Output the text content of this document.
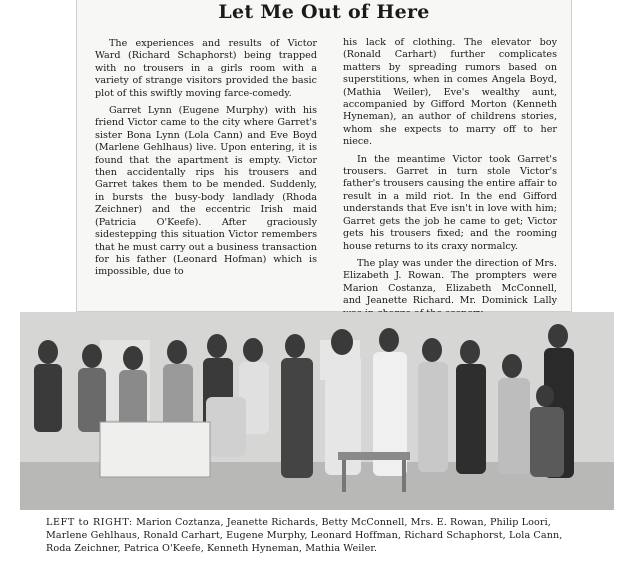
Let Me Out of Here

The experiences and results of Victor Ward (Richard Schaphorst) being trapped with no trousers in a girls room with a variety of strange visitors provided the basic plot of this swiftly moving farce-comedy.

Garret Lynn (Eugene Murphy) with his friend Victor came to the city where Garret's sister Bona Lynn (Lola Cann) and Eve Boyd (Marlene Gehlhaus) live. Upon entering, it is found that the apartment is empty. Victor then accidentally rips his trousers and Garret takes them to be mended. Suddenly, in bursts the busy-body landlady (Rhoda Zeichner) and the eccentric Irish maid (Patricia O'Keefe). After graciously sidestepping this situation Victor remembers that he must carry out a business transaction for his father (Leonard Hofman) which is impossible, due to

his lack of clothing. The elevator boy (Ronald Carhart) further complicates matters by spreading rumors based on superstitions, when in comes Angela Boyd, (Mathia Weiler), Eve's wealthy aunt, accompanied by Gifford Morton (Kenneth Hyneman), an author of childrens stories, whom she expects to marry off to her niece.

In the meantime Victor took Garret's trousers. Garret in turn stole Victor's father's trousers causing the entire affair to result in a mild riot. In the end Gifford understands that Eve isn't in love with him; Garret gets the job he came to get; Victor gets his trousers fixed; and the rooming house returns to its craxy normalcy.

The play was under the direction of Mrs. Elizabeth J. Rowan. The prompters were Marion Costanza, Elizabeth McConnell, and Jeanette Richard. Mr. Dominick Lally

LEFT to RIGHT: Marion Coztanza, Jeanette Richards, Betty McConnell, Mrs. E. Rowan, Philip Loori, Marlene Gehlhaus, Ronald Carhart, Eugene Murphy, Leonard Hoffman, Richard Schaphorst, Lola Cann, Roda Zeichner, Patrica O'Keefe, Kenneth Hyneman, Mathia Weiler.
